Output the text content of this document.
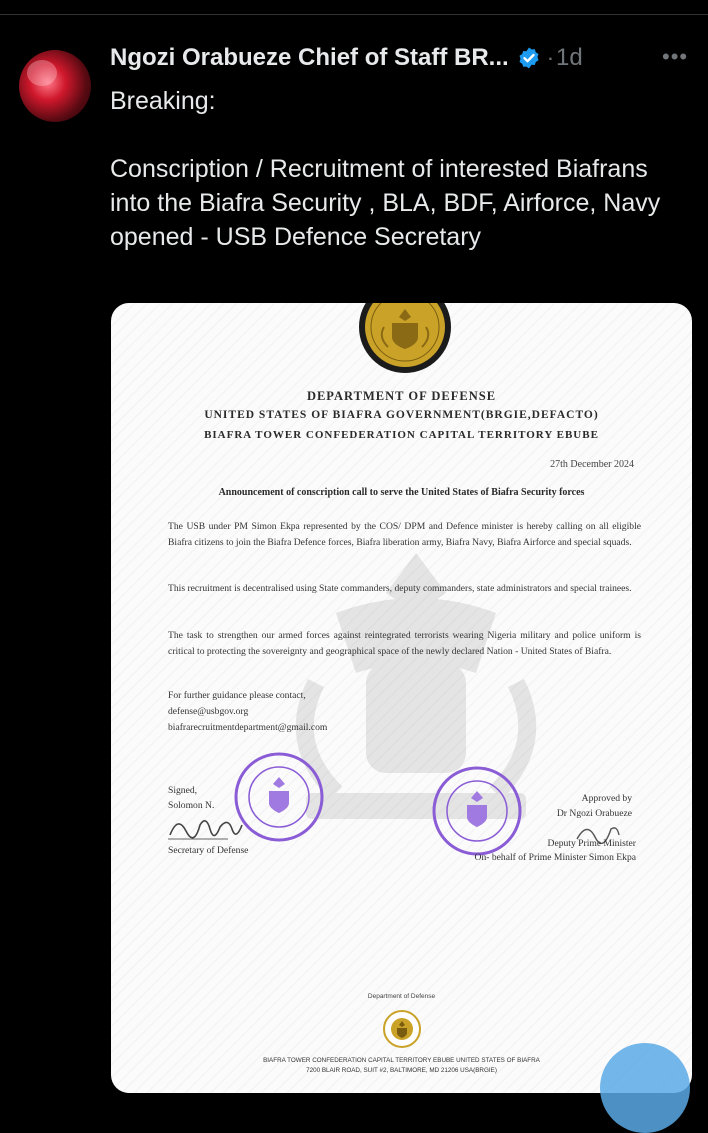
Ngozi Orabueze Chief of Staff BR... · 1d	•••

Breaking:

Conscription / Recruitment of interested Biafrans into the Biafra Security , BLA, BDF, Airforce, Navy opened - USB Defence Secretary

DEPARTMENT OF DEFENSE
UNITED STATES OF BIAFRA GOVERNMENT(BRGIE,DEFACTO)
BIAFRA TOWER CONFEDERATION CAPITAL TERRITORY EBUBE
27th December 2024
Announcement of conscription call to serve the United States of Biafra Security forces
The USB under PM Simon Ekpa represented by the COS/ DPM and Defence minister is hereby calling on all eligible Biafra citizens to join the Biafra Defence forces, Biafra liberation army, Biafra Navy, Biafra Airforce and special squads.
This recruitment is decentralised using State commanders, deputy commanders, state administrators and special trainees.
The task to strengthen our armed forces against reintegrated terrorists wearing Nigeria military and police uniform is critical to protecting the sovereignty and geographical space of the newly declared Nation - United States of Biafra.
For further guidance please contact,
defense@usbgov.org
biafrarecruitmentdepartment@gmail.com
Signed,
Solomon N.
Secretary of Defense
Approved by
Dr Ngozi Orabueze
Deputy Prime Minister
On- behalf of Prime Minister Simon Ekpa
Department of Defense
BIAFRA TOWER CONFEDERATION CAPITAL TERRITORY EBUBE UNITED STATES OF BIAFRA
7200 BLAIR ROAD, SUIT #2, BALTIMORE, MD 21206 USA(BRGIE)
